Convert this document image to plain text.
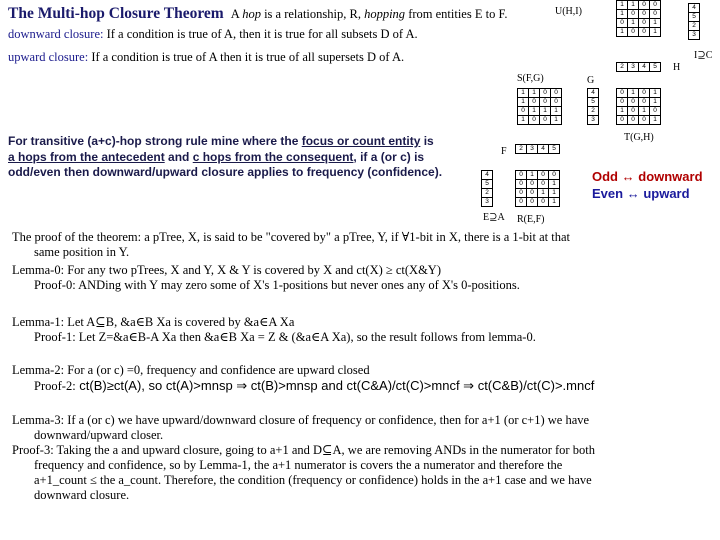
The Multi-hop Closure Theorem A hop is a relationship, R, hopping from entities E to F.
downward closure: If a condition is true of A, then it is true for all subsets D of A.
upward closure: If a condition is true of A then it is true of all supersets D of A.
U(H,I)
1	1	0	0
1	0	0	0
0	1	0	1
1	0	0	1
4
5
2
3
I⊇C
2	3	4	5 H
0	1	0	1
0	0	0	1
1	0	1	0
0	0	0	1
T(G,H)
S(F,G)	G
1	1	0	0
1	0	0	0
0	1	1	1
1	0	0	1
4
5
2
3
F 2	3	4	5
4
5
2
3
0	1	0	0
0	0	0	1
0	0	1	1
0	0	0	1
E⊇A R(E,F)
For transitive (a+c)-hop strong rule mine where the focus or count entity is
a hops from the antecedent and c hops from the consequent, if a (or c) is
odd/even then downward/upward closure applies to frequency (confidence).	Odd ↔ downward
Even ↔ upward
The proof of the theorem: a pTree, X, is said to be "covered by" a pTree, Y, if ∀1-bit in X, there is a 1-bit at that
same position in Y.
Lemma-0: For any two pTrees, X and Y, X & Y is covered by X and ct(X) ≥ ct(X&Y)
Proof-0: ANDing with Y may zero some of X's 1-positions but never ones any of X's 0-positions.
Lemma-1: Let A⊆B, &a∈B Xa is covered by &a∈A Xa
Proof-1: Let Z=&a∈B-A Xa then &a∈B Xa = Z & (&a∈A Xa), so the result follows from lemma-0.
Lemma-2: For a (or c) =0, frequency and confidence are upward closed
Proof-2: ct(B)≥ct(A), so ct(A)>mnsp ⇒ ct(B)>mnsp and ct(C&A)/ct(C)>mncf ⇒ ct(C&B)/ct(C)>.mncf
Lemma-3: If a (or c) we have upward/downward closure of frequency or confidence, then for a+1 (or c+1) we have
downward/upward closer.
Proof-3: Taking the a and upward closure, going to a+1 and D⊆A, we are removing ANDs in the numerator for both
frequency and confidence, so by Lemma-1, the a+1 numerator is covers the a numerator and therefore the
a+1_count ≤ the a_count. Therefore, the condition (frequency or confidence) holds in the a+1 case and we have
downward closure.
